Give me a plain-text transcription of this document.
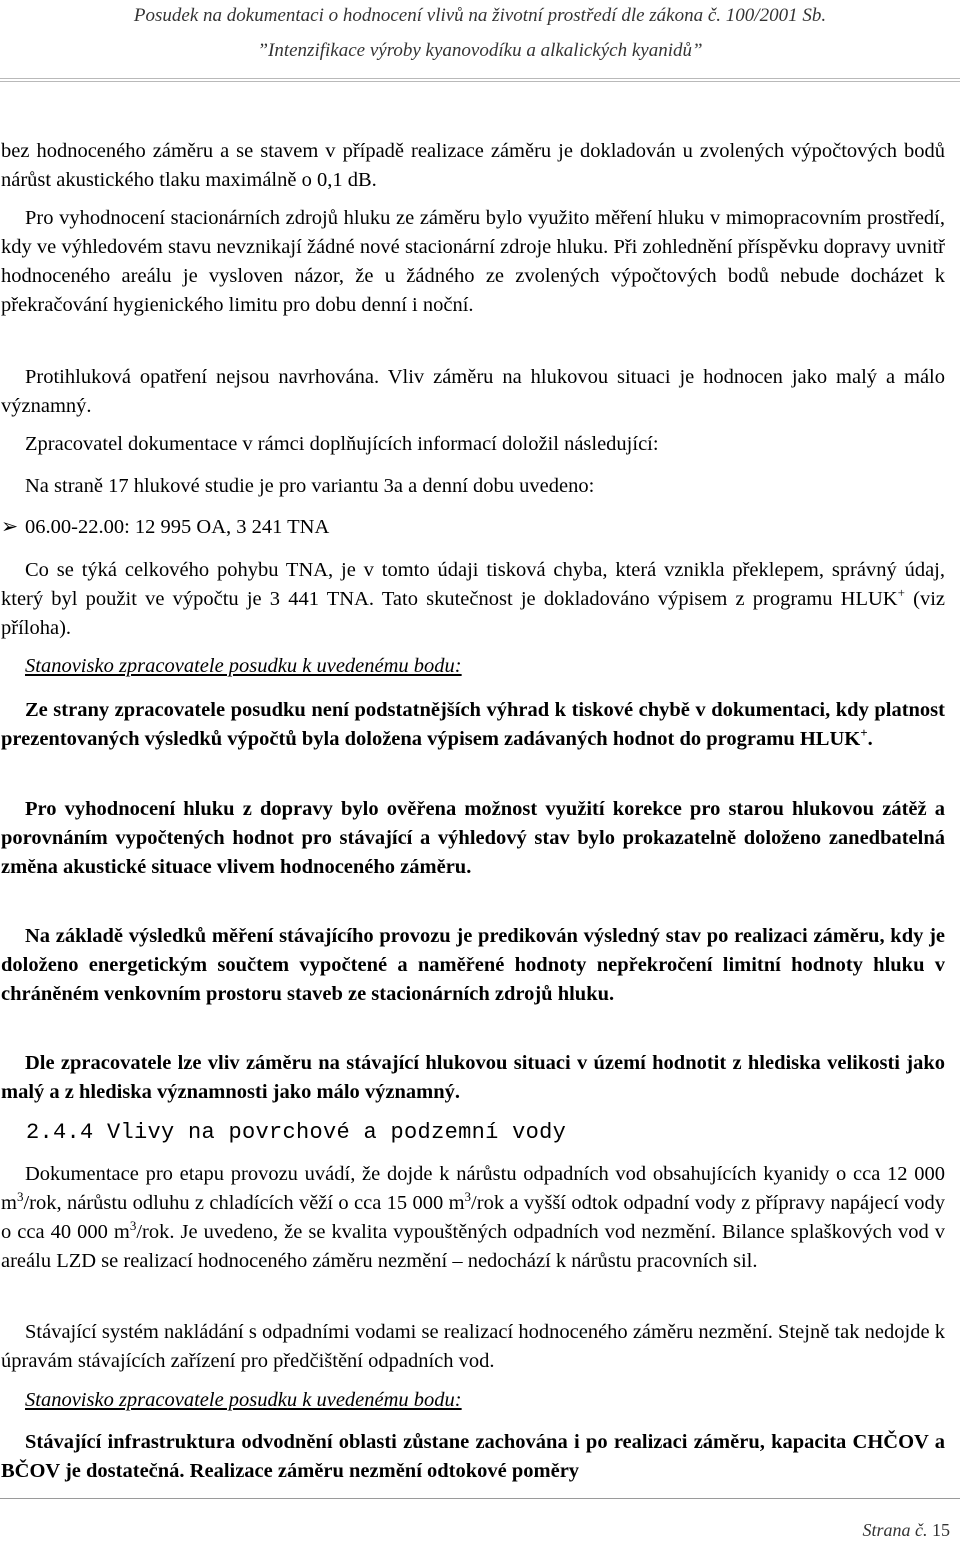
Posudek na dokumentaci o hodnocení vlivů na životní prostředí dle zákona č. 100/2001 Sb.
”Intenzifikace výroby kyanovodíku a alkalických kyanidů”

bez hodnoceného záměru a se stavem v případě realizace záměru je dokladován u zvolených výpočtových bodů nárůst akustického tlaku maximálně o 0,1 dB.

Pro vyhodnocení stacionárních zdrojů hluku ze záměru bylo využito měření hluku v mimopracovním prostředí, kdy ve výhledovém stavu nevznikají žádné nové stacionární zdroje hluku. Při zohlednění příspěvku dopravy uvnitř hodnoceného areálu je vysloven názor, že u žádného ze zvolených výpočtových bodů nebude docházet k překračování hygienického limitu pro dobu denní i noční.

Protihluková opatření nejsou navrhována. Vliv záměru na hlukovou situaci je hodnocen jako malý a málo významný.

Zpracovatel dokumentace v rámci doplňujících informací doložil následující:

Na straně 17 hlukové studie je pro variantu 3a a denní dobu uvedeno:

➢ 06.00-22.00: 12 995 OA, 3 241 TNA

Co se týká celkového pohybu TNA, je v tomto údaji tisková chyba, která vznikla překlepem, správný údaj, který byl použit ve výpočtu je 3 441 TNA. Tato skutečnost je dokladováno výpisem z programu HLUK+ (viz příloha).

Stanovisko zpracovatele posudku k uvedenému bodu:

Ze strany zpracovatele posudku není podstatnějších výhrad k tiskové chybě v dokumentaci, kdy platnost prezentovaných výsledků výpočtů byla doložena výpisem zadávaných hodnot do programu HLUK+.

Pro vyhodnocení hluku z dopravy bylo ověřena možnost využití korekce pro starou hlukovou zátěž a porovnáním vypočtených hodnot pro stávající a výhledový stav bylo prokazatelně doloženo zanedbatelná změna akustické situace vlivem hodnoceného záměru.

Na základě výsledků měření stávajícího provozu je predikován výsledný stav po realizaci záměru, kdy je doloženo energetickým součtem vypočtené a naměřené hodnoty nepřekročení limitní hodnoty hluku v chráněném venkovním prostoru staveb ze stacionárních zdrojů hluku.

Dle zpracovatele lze vliv záměru na stávající hlukovou situaci v území hodnotit z hlediska velikosti jako malý a z hlediska významnosti jako málo významný.

2.4.4 Vlivy na povrchové a podzemní vody

Dokumentace pro etapu provozu uvádí, že dojde k nárůstu odpadních vod obsahujících kyanidy o cca 12 000 $m^3$/rok, nárůstu odluhu z chladících věží o cca 15 000 $m^3$/rok a vyšší odtok odpadní vody z přípravy napájecí vody o cca 40 000 $m^3$/rok. Je uvedeno, že se kvalita vypouštěných odpadních vod nezmění. Bilance splaškových vod v areálu LZD se realizací hodnoceného záměru nezmění – nedochází k nárůstu pracovních sil.

Stávající systém nakládání s odpadními vodami se realizací hodnoceného záměru nezmění. Stejně tak nedojde k úpravám stávajících zařízení pro předčištění odpadních vod.

Stanovisko zpracovatele posudku k uvedenému bodu:

Stávající infrastruktura odvodnění oblasti zůstane zachována i po realizaci záměru, kapacita CHČOV a BČOV je dostatečná. Realizace záměru nezmění odtokové poměry

Strana č. 15
